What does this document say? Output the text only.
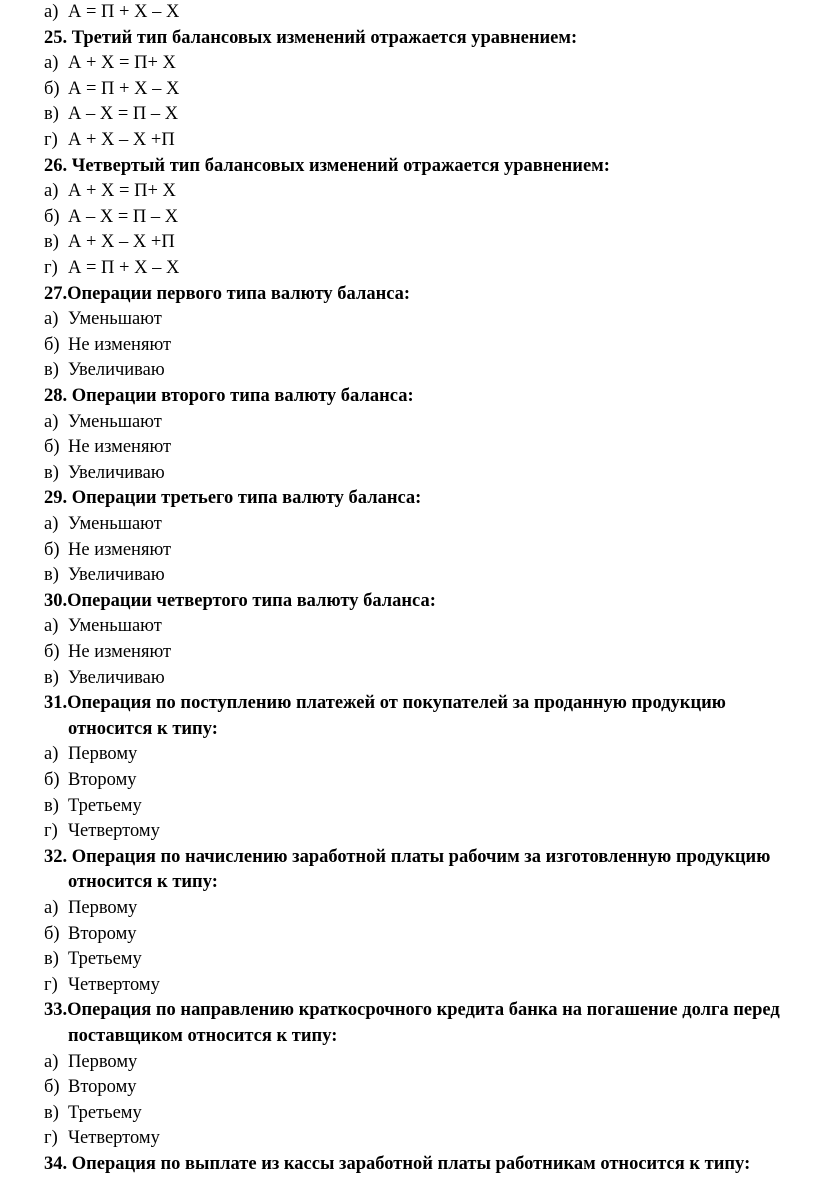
а) А = П + Х – Х
25. Третий тип балансовых изменений отражается уравнением:
а) А + Х = П+ Х
б) А = П + Х – Х
в) А – Х = П – Х
г) А + Х – Х +П
26. Четвертый тип балансовых изменений отражается уравнением:
а) А + Х = П+ Х
б) А – Х = П – Х
в) А + Х – Х +П
г) А = П + Х – Х
27.Операции первого типа валюту баланса:
а) Уменьшают
б) Не изменяют
в) Увеличиваю
28. Операции второго типа валюту баланса:
а) Уменьшают
б) Не изменяют
в) Увеличиваю
29. Операции третьего типа валюту баланса:
а) Уменьшают
б) Не изменяют
в) Увеличиваю
30.Операции четвертого типа валюту баланса:
а) Уменьшают
б) Не изменяют
в) Увеличиваю
31.Операция по поступлению платежей от покупателей за проданную продукцию
относится к типу:
а) Первому
б) Второму
в) Третьему
г) Четвертому
32. Операция по начислению заработной платы рабочим за изготовленную продукцию
относится к типу:
а) Первому
б) Второму
в) Третьему
г) Четвертому
33.Операция по направлению краткосрочного кредита банка на погашение долга перед
поставщиком относится к типу:
а) Первому
б) Второму
в) Третьему
г) Четвертому
34. Операция по выплате из кассы заработной платы работникам относится к типу:
